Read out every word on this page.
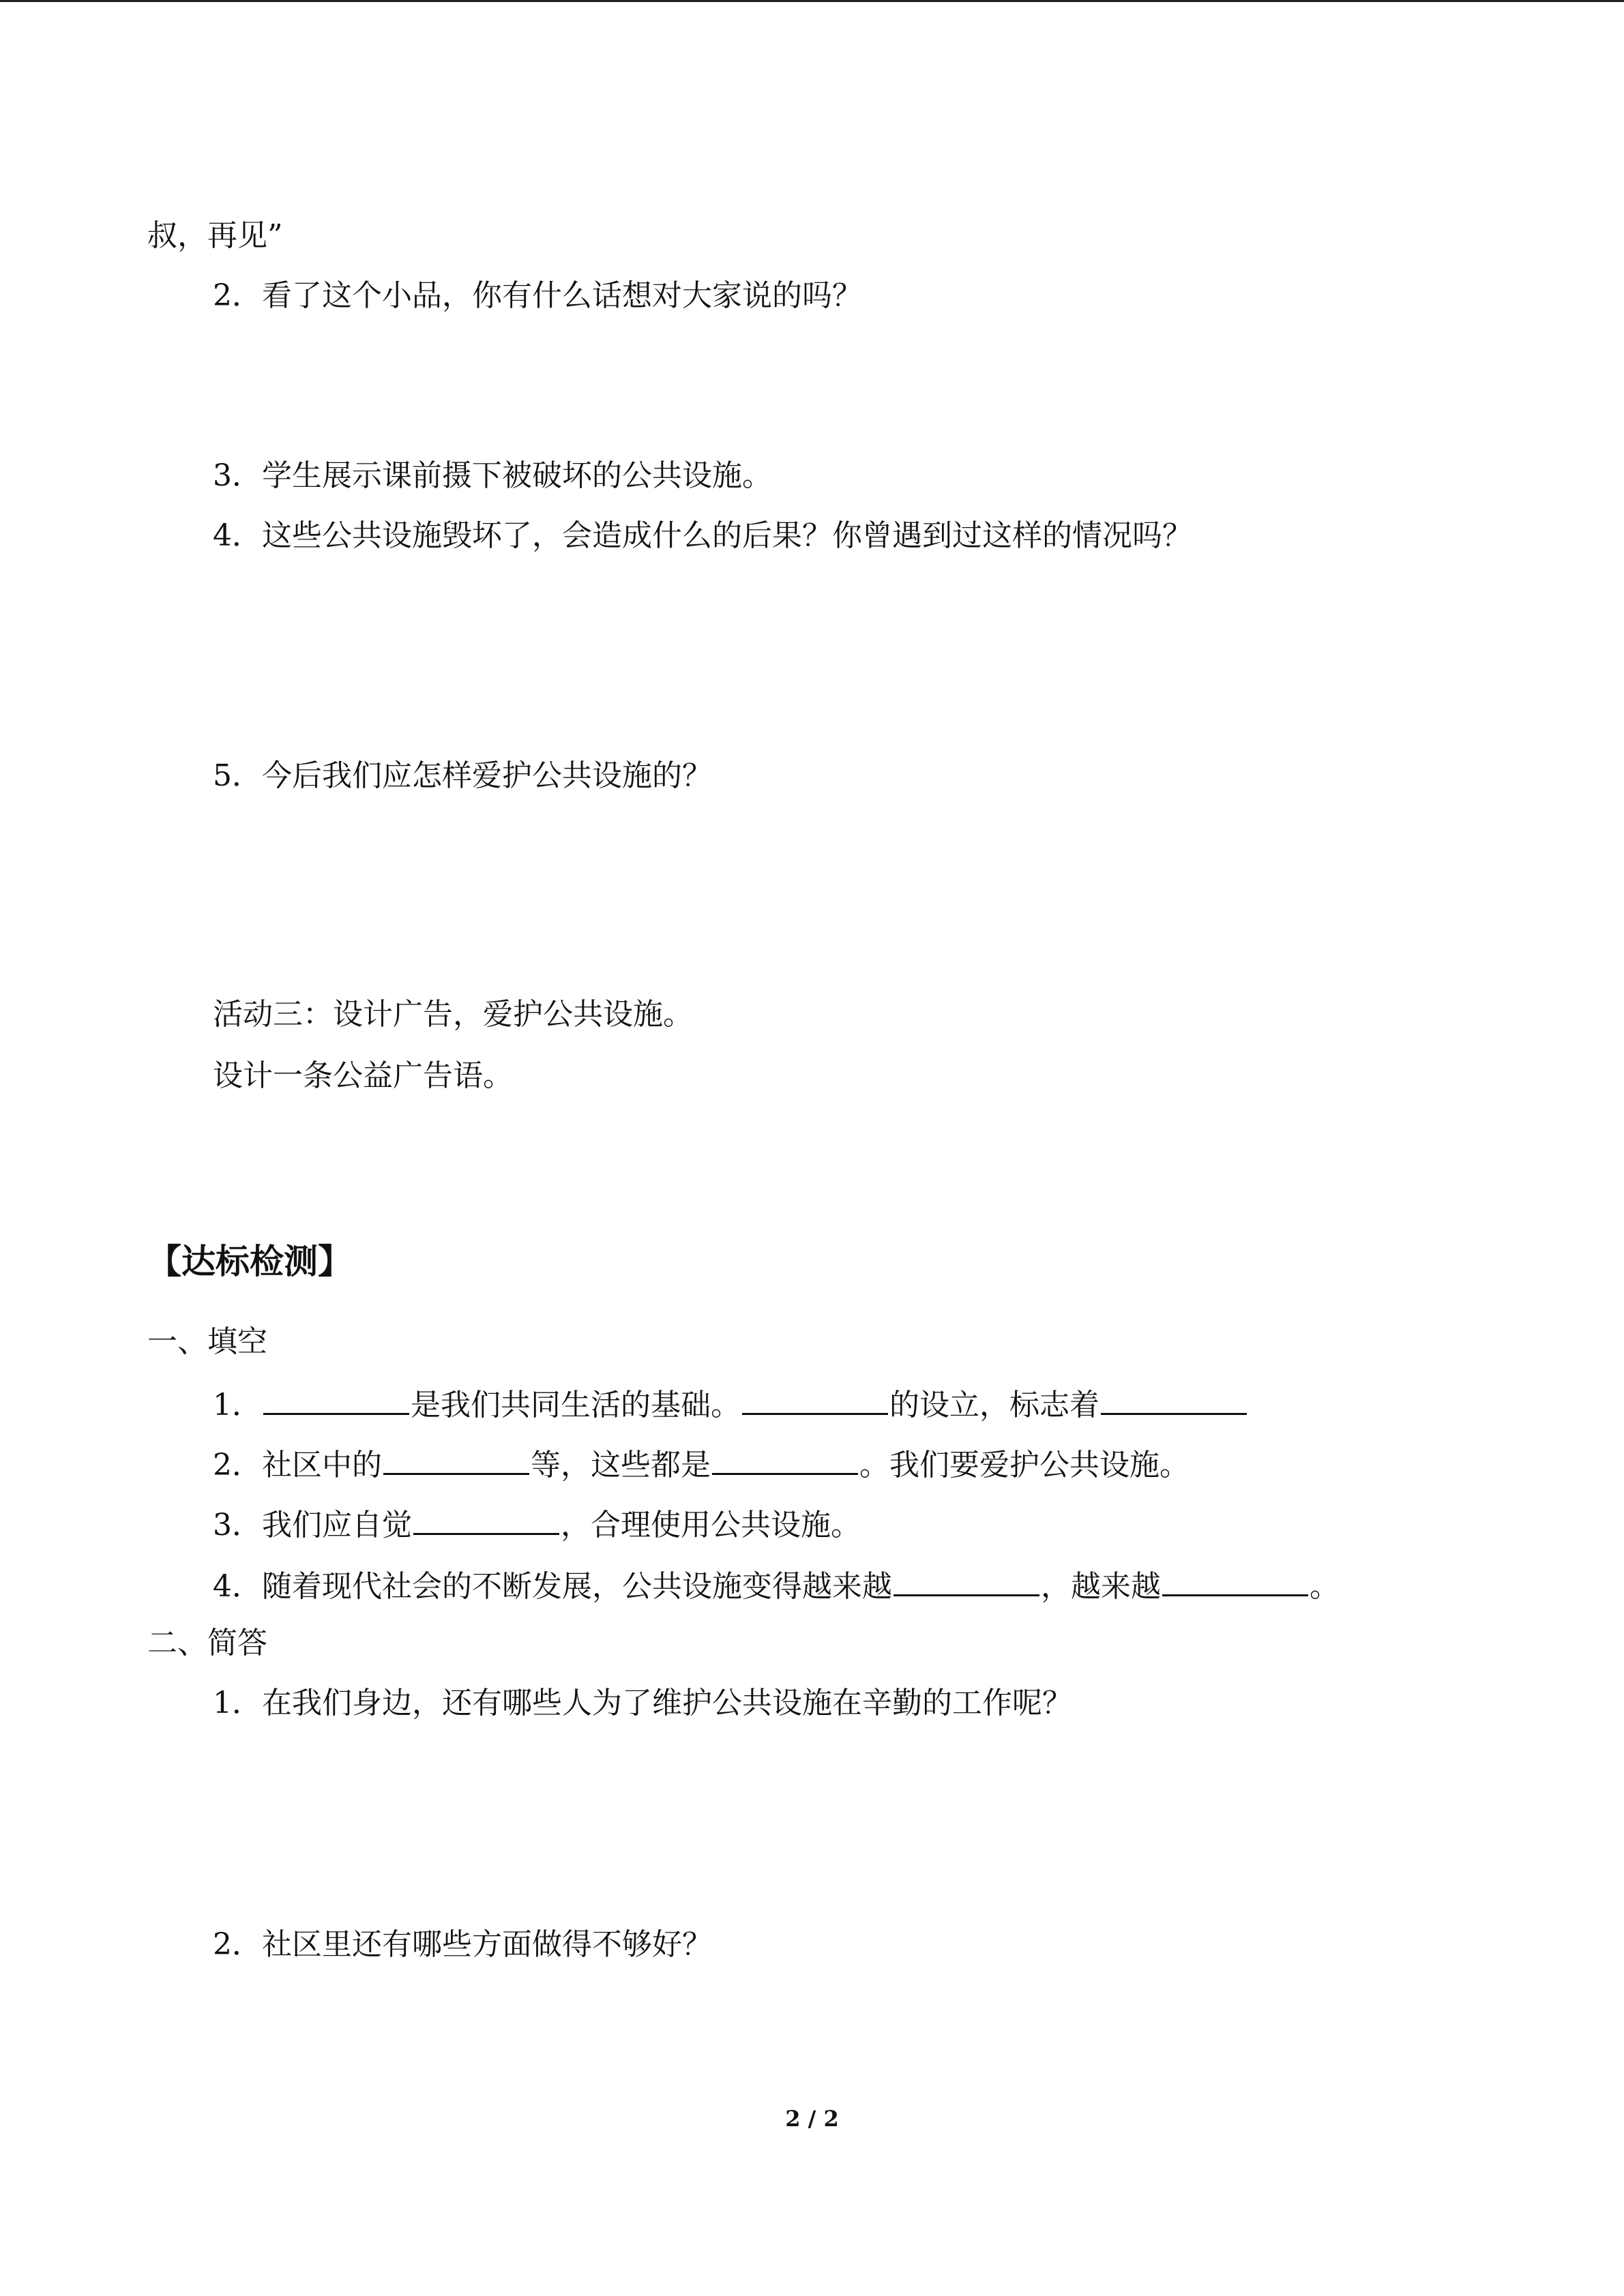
叔，再见”
2．看了这个小品，你有什么话想对大家说的吗？
3．学生展示课前摄下被破坏的公共设施。
4．这些公共设施毁坏了，会造成什么的后果？你曾遇到过这样的情况吗？
5．今后我们应怎样爱护公共设施的？
活动三：设计广告，爱护公共设施。
设计一条公益广告语。
【达标检测】
一、填空
1．	是我们共同生活的基础。	的设立，标志着
2．社区中的	等，这些都是	。我们要爱护公共设施。
3．我们应自觉	，合理使用公共设施。
4．随着现代社会的不断发展，公共设施变得越来越	，越来越	。
二、简答
1．在我们身边，还有哪些人为了维护公共设施在辛勤的工作呢？
2．社区里还有哪些方面做得不够好？
2 / 2
